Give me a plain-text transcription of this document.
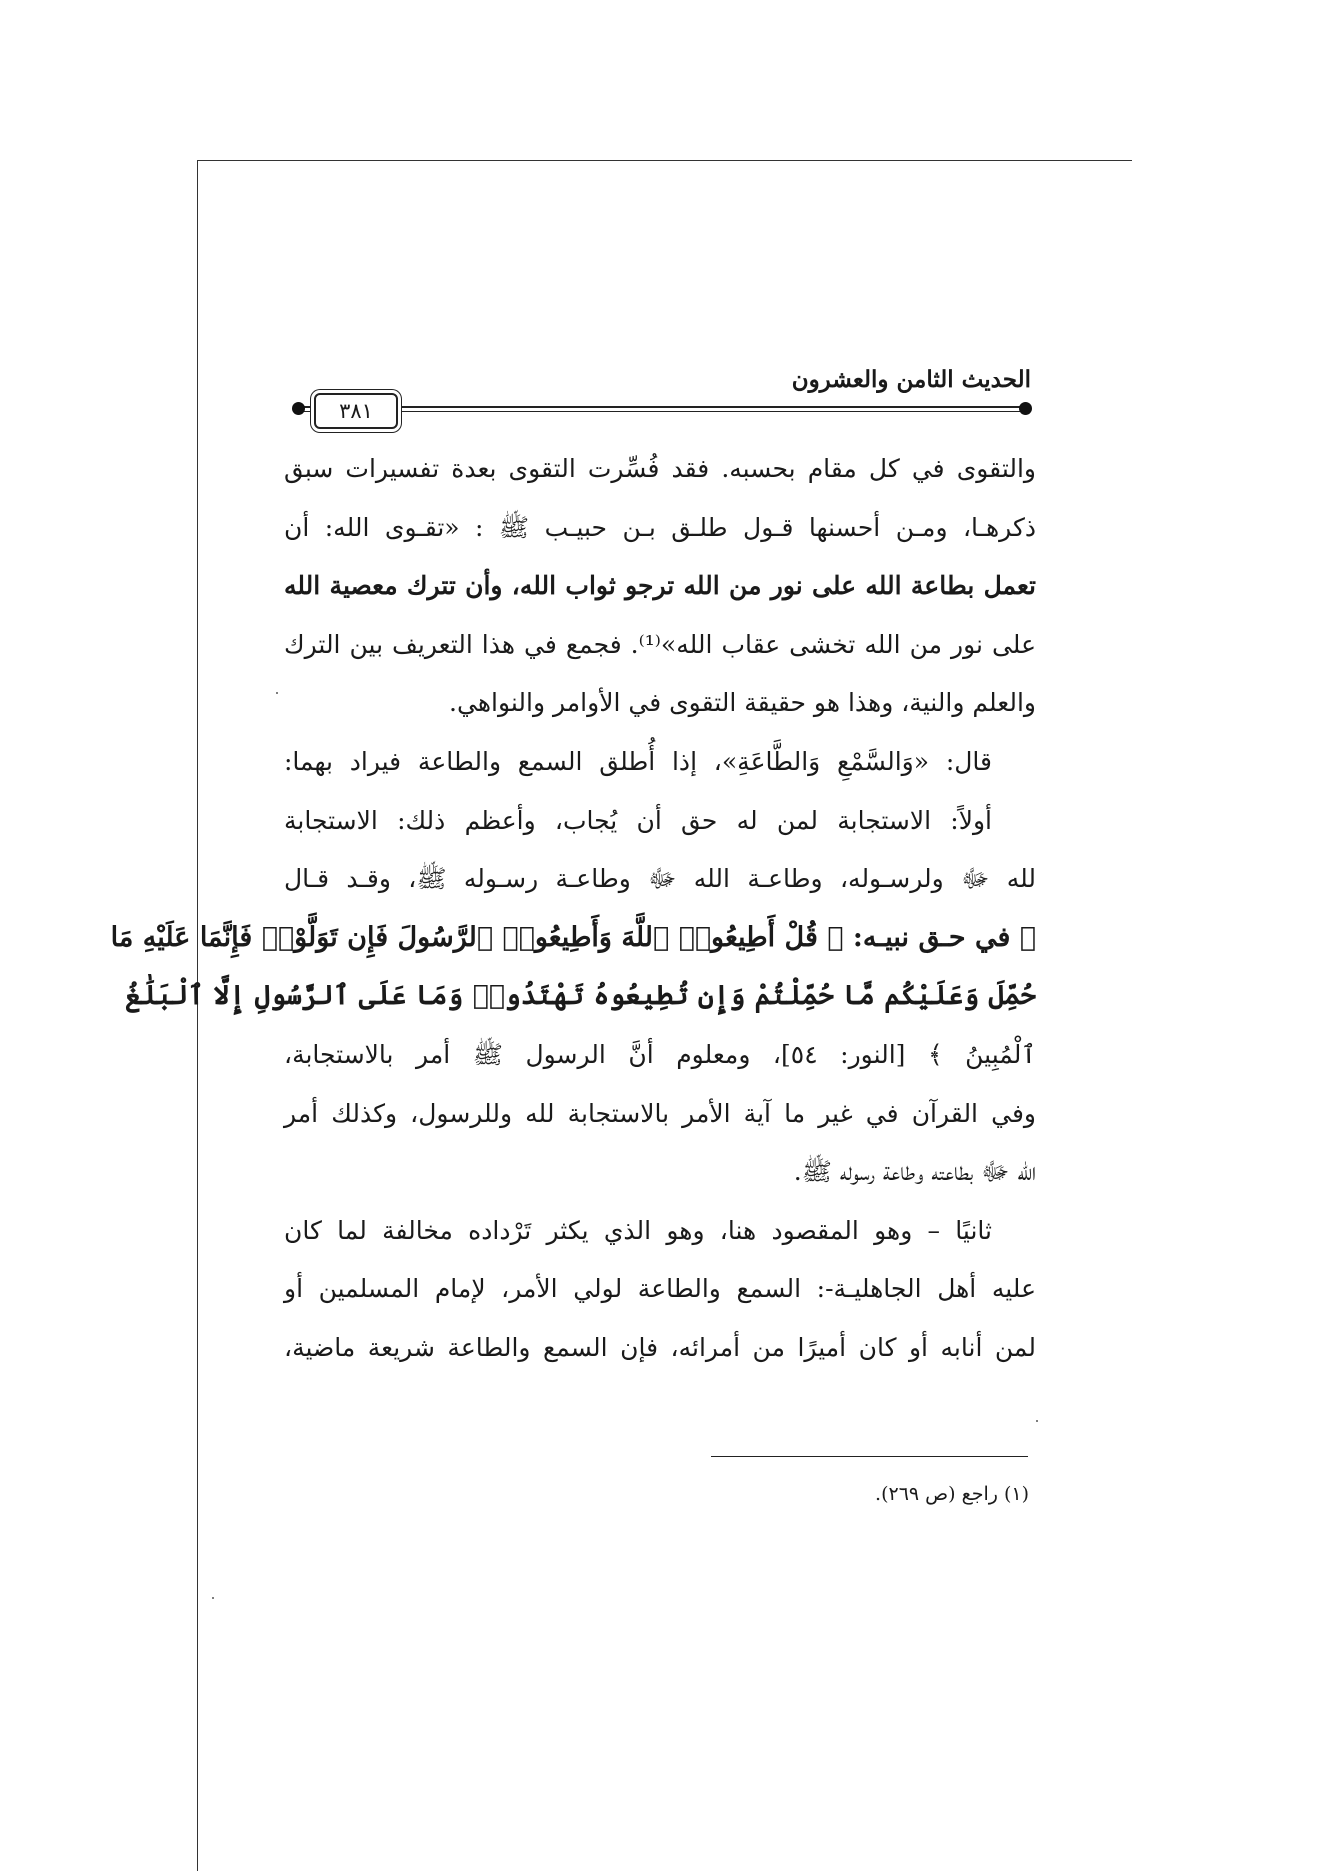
الحديث الثامن والعشرون
٣٨١
والتقوى في كل مقام بحسبه. فقد فُسِّرت التقوى بعدة تفسيرات سبق
ذكرهـا، ومـن أحسنها قـول طلـق بـن حبيـب ﷺ : «تقـوى الله: أن
تعمل بطاعة الله على نور من الله ترجو ثواب الله، وأن تترك معصية الله
على نور من الله تخشى عقاب الله»⁽¹⁾. فجمع في هذا التعريف بين الترك
والعلم والنية، وهذا هو حقيقة التقوى في الأوامر والنواهي.
قال: «وَالسَّمْعِ وَالطَّاعَةِ»، إذا أُطلق السمع والطاعة فيراد بهما:
أولاً: الاستجابة لمن له حق أن يُجاب، وأعظم ذلك: الاستجابة
لله ﷻ ولرسـوله، وطاعـة الله ﷻ وطاعـة رسـوله ﷺ، وقـد قـال
ﷻ في حـق نبيـه: ﴿ قُلْ أَطِيعُوا۟ ٱللَّهَ وَأَطِيعُوا۟ ٱلرَّسُولَ فَإِن تَوَلَّوْا۟ فَإِنَّمَا عَلَيْهِ مَا
حُمِّلَ وَعَلَيْكُم مَّا حُمِّلْتُمْ وَإِن تُطِيعُوهُ تَهْتَدُوا۟ وَمَا عَلَى ٱلرَّسُولِ إِلَّا ٱلْبَلَٰغُ
ٱلْمُبِينُ ﴾ [النور: ٥٤]، ومعلوم أنَّ الرسول ﷺ أمر بالاستجابة،
وفي القرآن في غير ما آية الأمر بالاستجابة لله وللرسول، وكذلك أمر
الله ﷻ بطاعته وطاعة رسوله ﷺ.
ثانيًا – وهو المقصود هنا، وهو الذي يكثر تَرْداده مخالفة لما كان
عليه أهل الجاهليـة-: السمع والطاعة لولي الأمر، لإمام المسلمين أو
لمن أنابه أو كان أميرًا من أمرائه، فإن السمع والطاعة شريعة ماضية،
(١) راجع (ص ٢٦٩).
